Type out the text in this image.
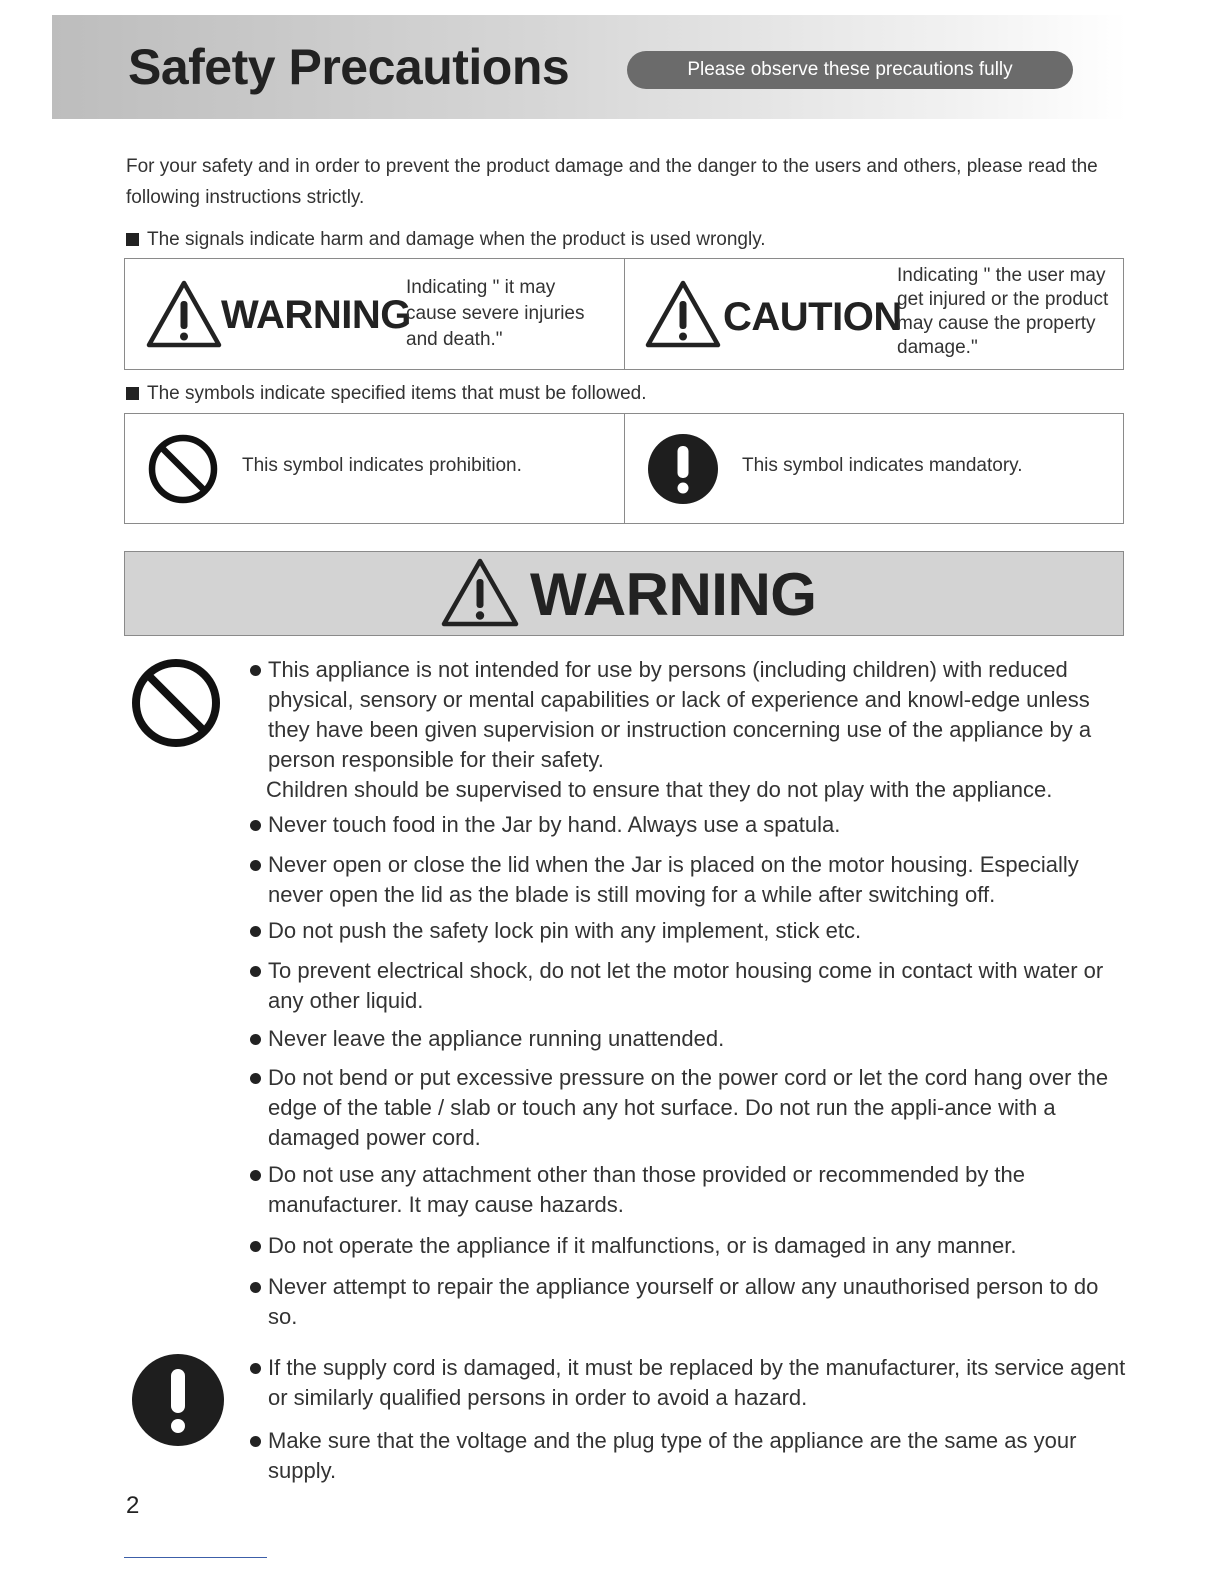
Safety Precautions	Please observe these precautions fully
For your safety and in order to prevent the product damage and the danger to the users and others, please read the following instructions strictly.
The signals indicate harm and damage when the product is used wrongly.
WARNING
Indicating " it may cause severe injuries and death."
CAUTION
Indicating " the user may get injured or the product may cause the property damage."
The symbols indicate specified items that must be followed.
This symbol indicates prohibition.	This symbol indicates mandatory.
WARNING
This appliance is not intended for use by persons (including children) with reduced physical, sensory or mental capabilities or lack of experience and knowl-edge unless they have been given supervision or instruction concerning use of the appliance by a person responsible for their safety.
Children should be supervised to ensure that they do not play with the appliance.
Never touch food in the Jar by hand. Always use a spatula.
Never open or close the lid when the Jar is placed on the motor housing. Especially never open the lid as the blade is still moving for a while after switching off.
Do not push the safety lock pin with any implement, stick etc.
To prevent electrical shock, do not let the motor housing come in contact with water or any other liquid.
Never leave the appliance running unattended.
Do not bend or put excessive pressure on the power cord or let the cord hang over the edge of the table / slab or touch any hot surface. Do not run the appli-ance with a damaged power cord.
Do not use any attachment other than those provided or recommended by the manufacturer. It may cause hazards.
Do not operate the appliance if it malfunctions, or is damaged in any manner.
Never attempt to repair the appliance yourself or allow any unauthorised person to do so.
If the supply cord is damaged, it must be replaced by the manufacturer, its service agent or similarly qualified persons in order to avoid a hazard.
Make sure that the voltage and the plug type of the appliance are the same as your supply.
2
